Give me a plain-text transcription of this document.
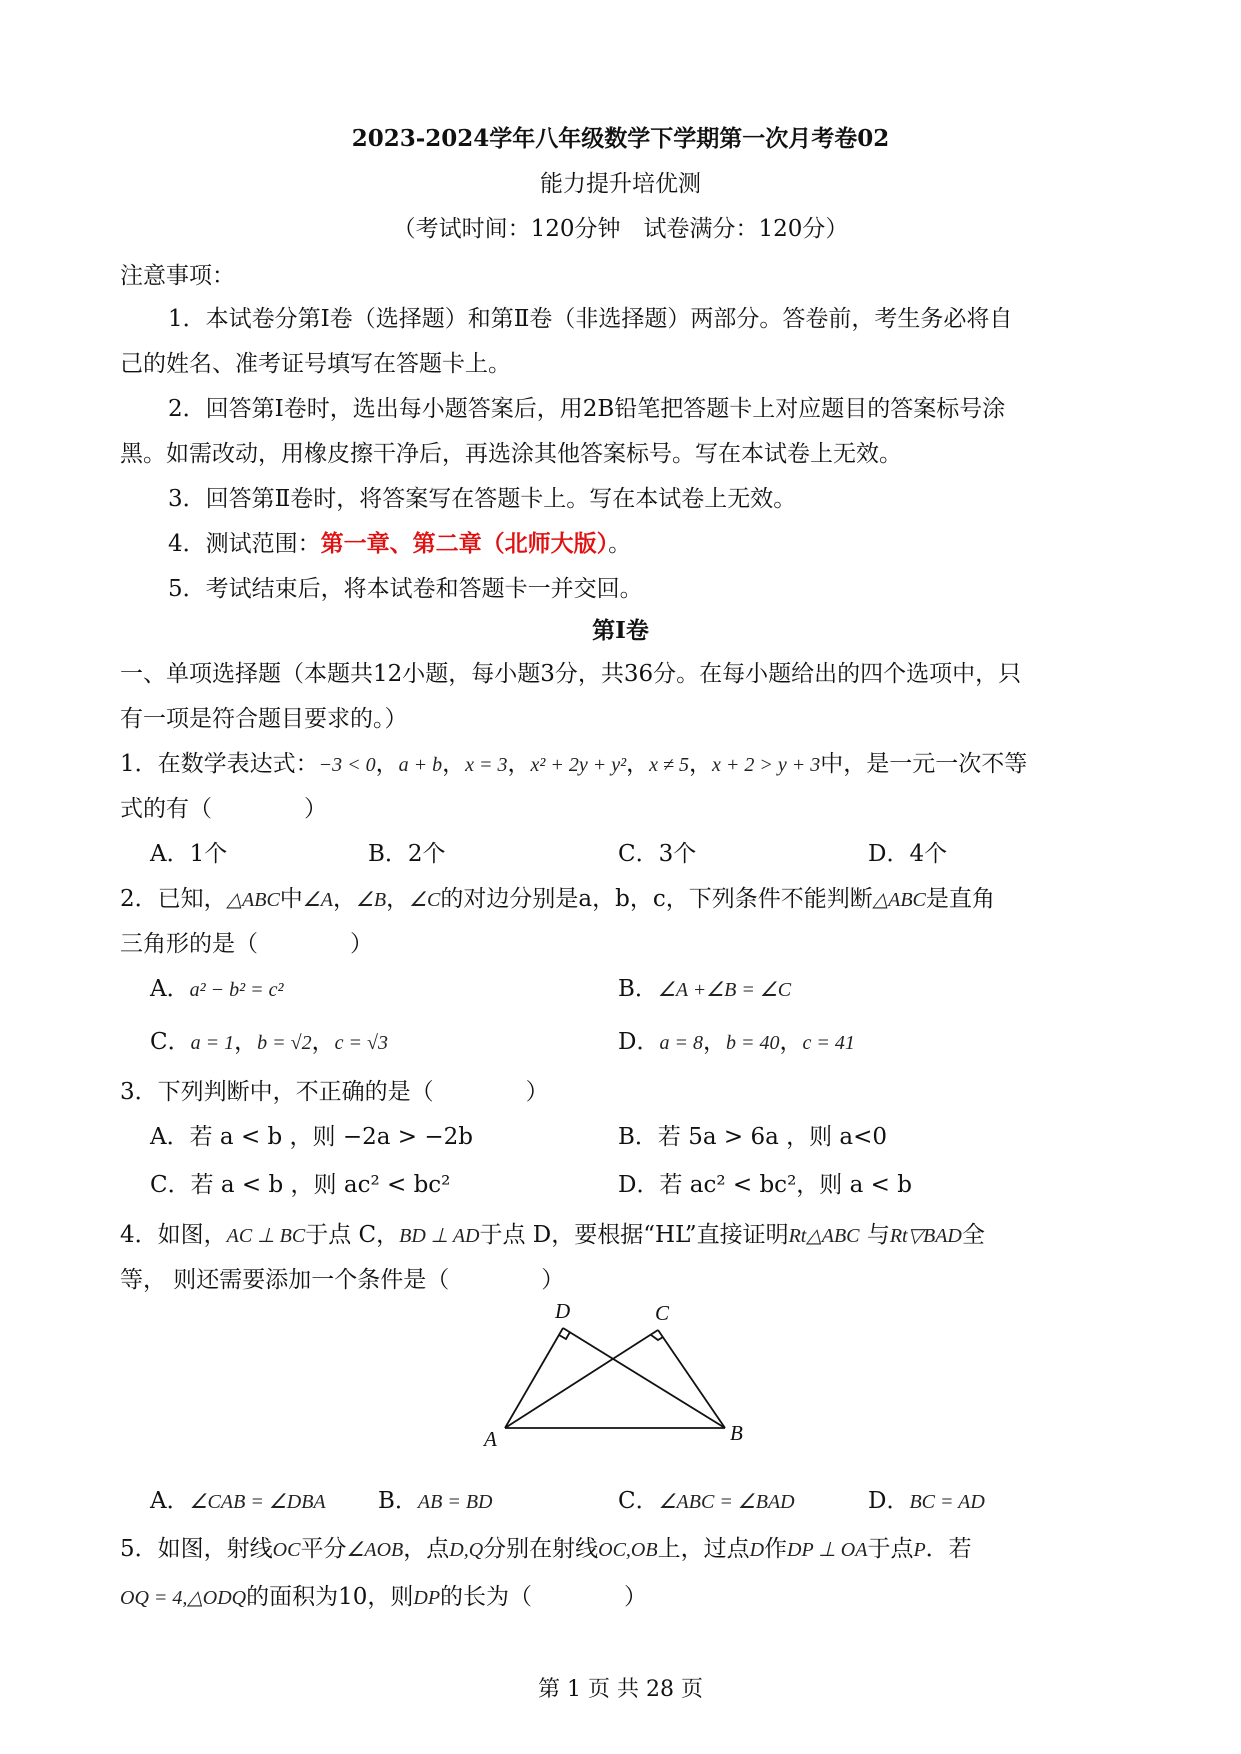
2023-2024学年八年级数学下学期第一次月考卷02
能力提升培优测
（考试时间：120分钟　试卷满分：120分）
注意事项：
1．本试卷分第Ⅰ卷（选择题）和第Ⅱ卷（非选择题）两部分。答卷前，考生务必将自
己的姓名、准考证号填写在答题卡上。
2．回答第Ⅰ卷时，选出每小题答案后，用2B铅笔把答题卡上对应题目的答案标号涂
黑。如需改动，用橡皮擦干净后，再选涂其他答案标号。写在本试卷上无效。
3．回答第Ⅱ卷时，将答案写在答题卡上。写在本试卷上无效。
4．测试范围：第一章、第二章（北师大版）。
5．考试结束后，将本试卷和答题卡一并交回。
第Ⅰ卷
一、单项选择题（本题共12小题，每小题3分，共36分。在每小题给出的四个选项中，只
有一项是符合题目要求的。）
1．在数学表达式：−3 < 0，a + b，x = 3，x² + 2y + y²，x ≠ 5，x + 2 > y + 3中，是一元一次不等
式的有（　　　　）
A．1个	B．2个	C．3个	D．4个
2．已知，△ABC中∠A，∠B，∠C的对边分别是a，b，c，下列条件不能判断△ABC是直角
三角形的是（　　　　）
A．a² − b² = c²	B．∠A +∠B = ∠C
C．a = 1，b = √2，c = √3	D．a = 8，b = 40，c = 41
3．下列判断中，不正确的是（　　　　）
A．若 a < b ，则 −2a > −2b	B．若 5a > 6a ，则 a<0
C．若 a < b ，则 ac² < bc²	D．若 ac² < bc²，则 a < b
4．如图，AC ⊥ BC于点 C，BD ⊥ AD于点 D，要根据“HL”直接证明Rt△ABC 与Rt▽BAD全
等， 则还需要添加一个条件是（　　　　）
D	C
A	B
A．∠CAB = ∠DBA B．AB = BD	C．∠ABC = ∠BAD	D．BC = AD
5．如图，射线OC平分∠AOB，点D,Q分别在射线OC,OB上，过点D作DP ⊥ OA于点P．若
OQ = 4,△ODQ的面积为10，则DP的长为（　　　　）
第 1 页 共 28 页
